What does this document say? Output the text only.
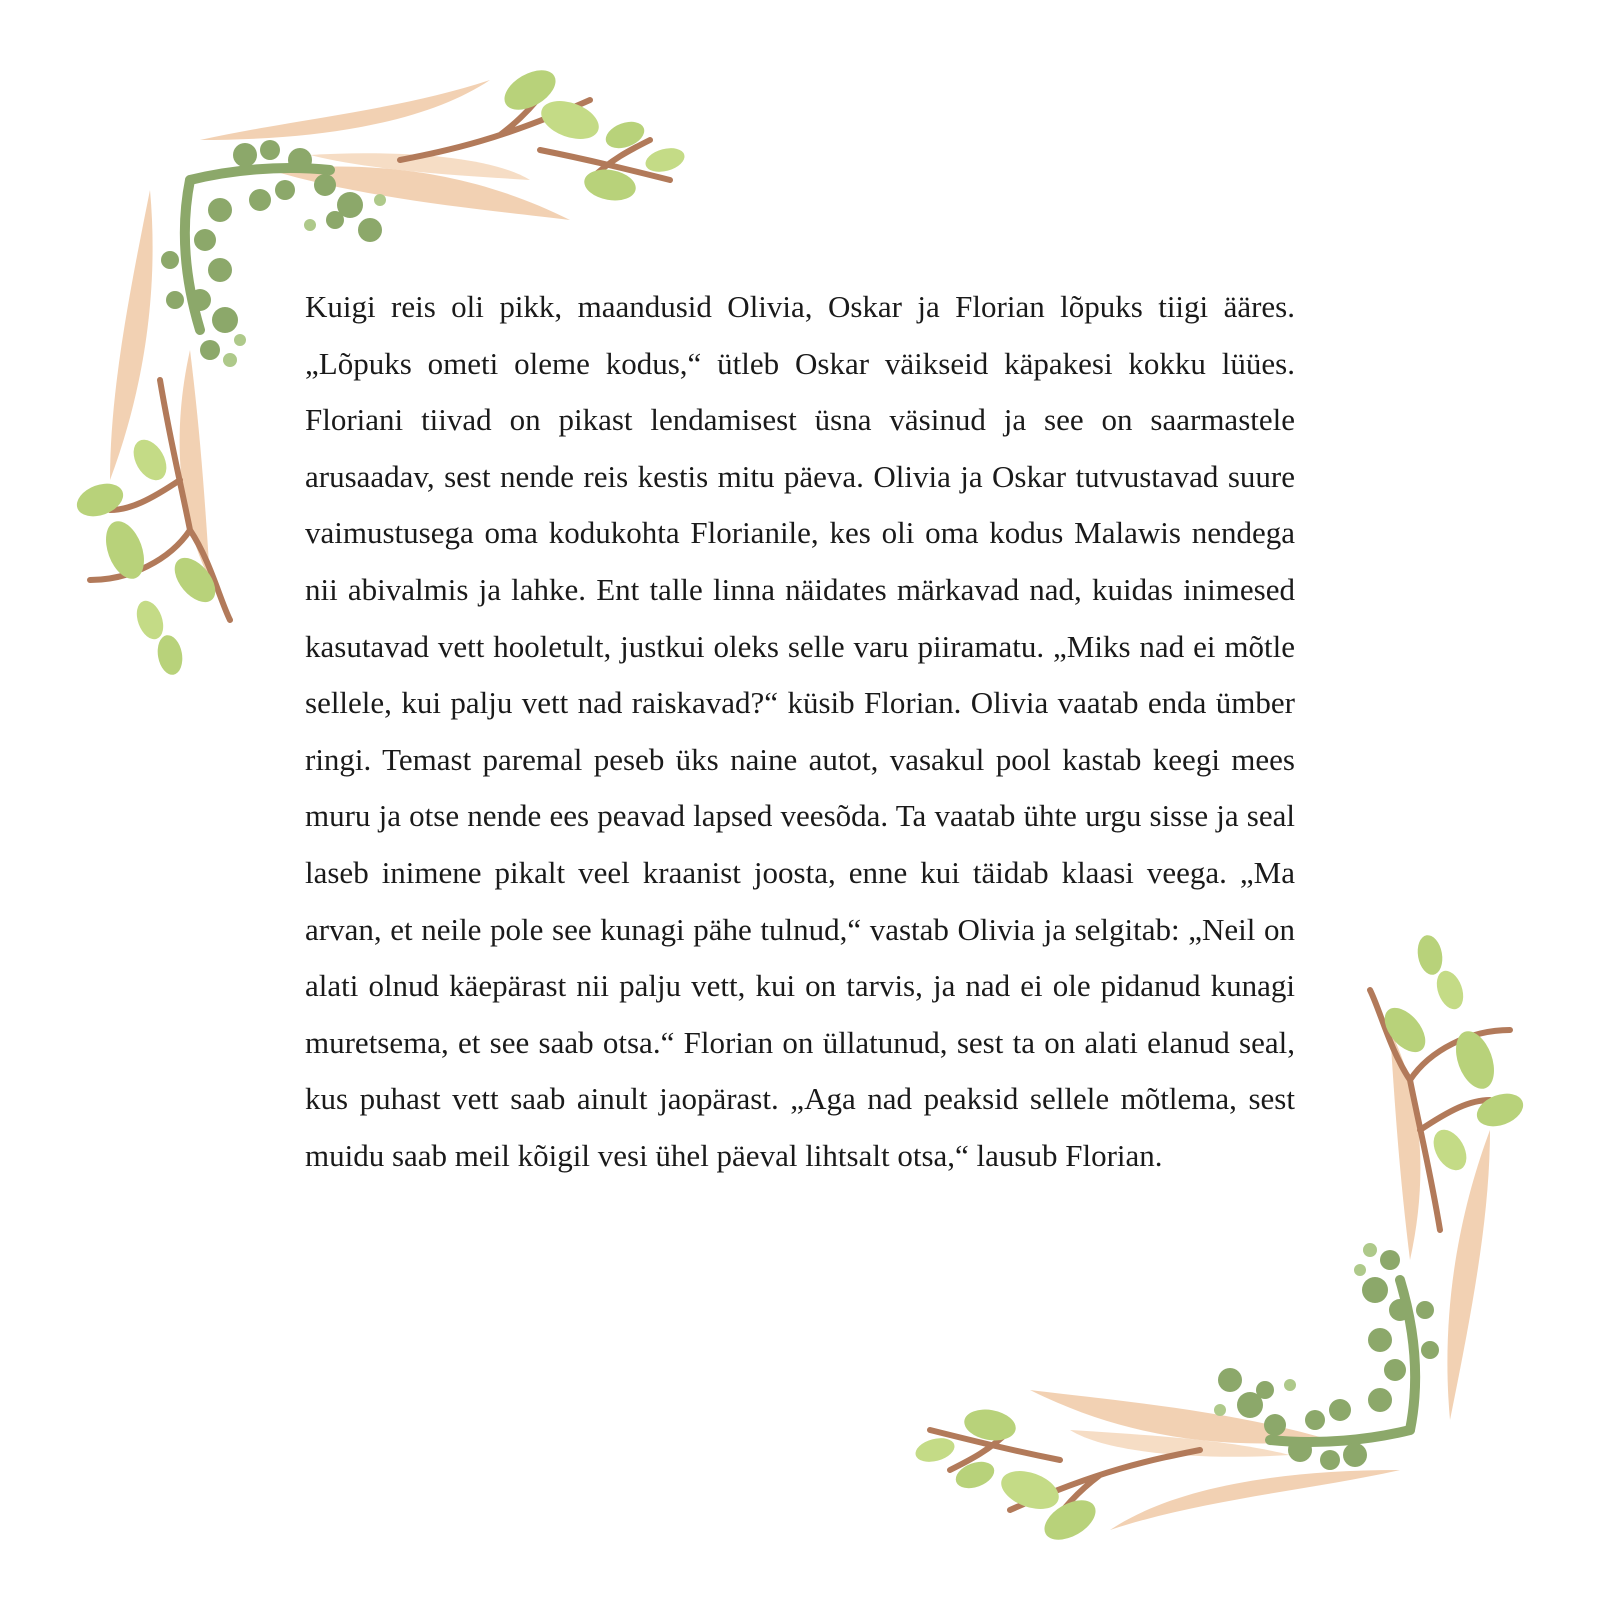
Kuigi reis oli pikk, maandusid Olivia, Oskar ja Florian lõpuks tiigi ääres.
„Lõpuks ometi oleme kodus,“ ütleb Oskar väikseid käpakesi kokku lüües.
Floriani tiivad on pikast lendamisest üsna väsinud ja see on saarmastele
arusaadav, sest nende reis kestis mitu päeva. Olivia ja Oskar tutvustavad suure
vaimustusega oma kodukohta Florianile, kes oli oma kodus Malawis nendega
nii abivalmis ja lahke. Ent talle linna näidates märkavad nad, kuidas inimesed
kasutavad vett hooletult, justkui oleks selle varu piiramatu. „Miks nad ei mõtle
sellele, kui palju vett nad raiskavad?“ küsib Florian. Olivia vaatab enda ümber
ringi. Temast paremal peseb üks naine autot, vasakul pool kastab keegi mees
muru ja otse nende ees peavad lapsed veesõda. Ta vaatab ühte urgu sisse ja seal
laseb inimene pikalt veel kraanist joosta, enne kui täidab klaasi veega. „Ma
arvan, et neile pole see kunagi pähe tulnud,“ vastab Olivia ja selgitab: „Neil on
alati olnud käepärast nii palju vett, kui on tarvis, ja nad ei ole pidanud kunagi
muretsema, et see saab otsa.“ Florian on üllatunud, sest ta on alati elanud seal,
kus puhast vett saab ainult jaopärast. „Aga nad peaksid sellele mõtlema, sest
muidu saab meil kõigil vesi ühel päeval lihtsalt otsa,“ lausub Florian.
